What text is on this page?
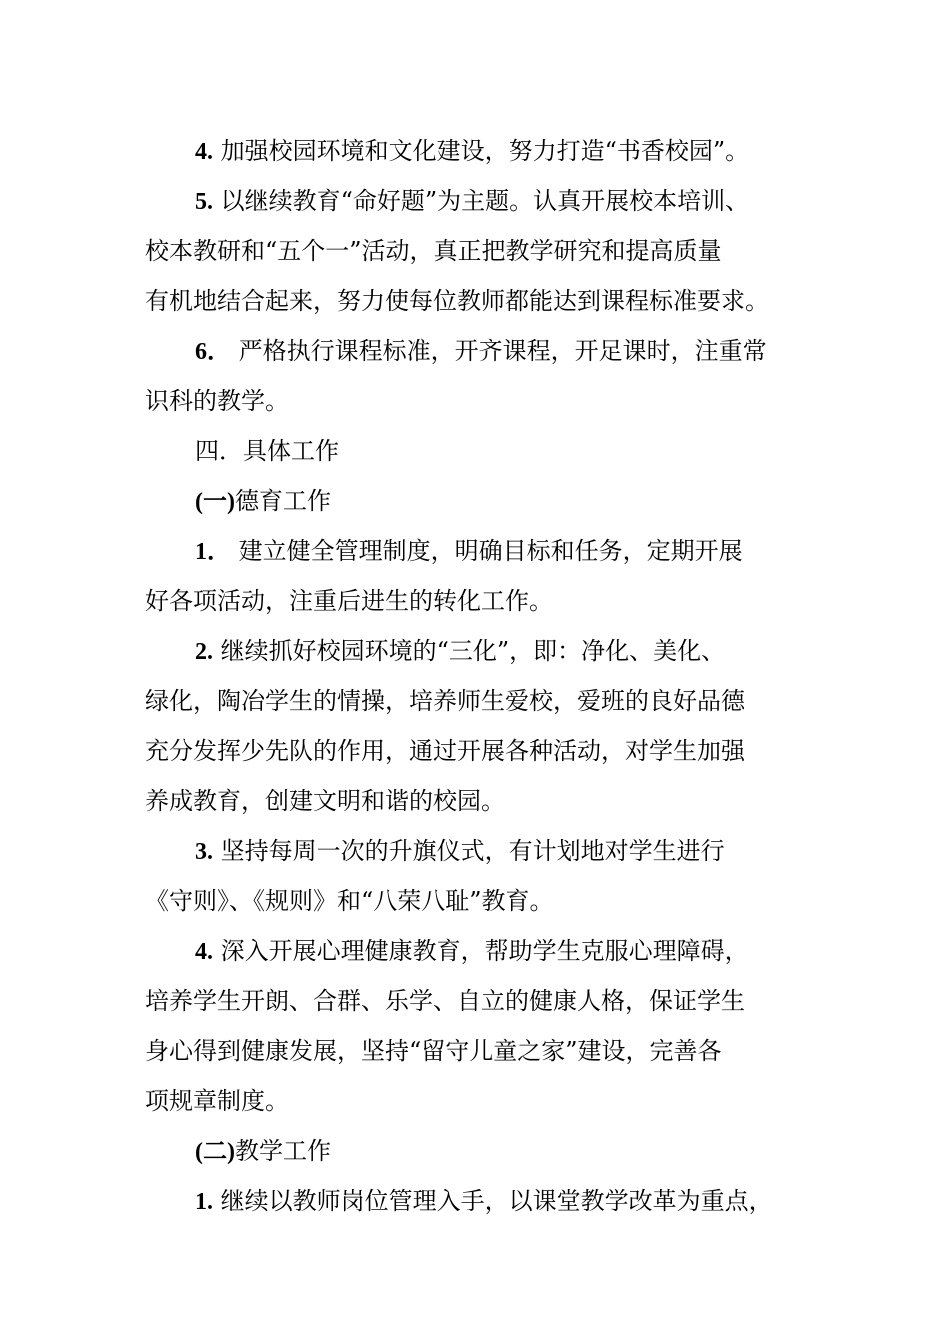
4. 加强校园环境和文化建设，努力打造“书香校园”。

5. 以继续教育“命好题”为主题。认真开展校本培训、

校本教研和“五个一”活动，真正把教学研究和提高质量

有机地结合起来，努力使每位教师都能达到课程标准要求。

6． 严格执行课程标准，开齐课程，开足课时，注重常

识科的教学。

四．具体工作

(一)德育工作

1． 建立健全管理制度，明确目标和任务，定期开展

好各项活动，注重后进生的转化工作。

2. 继续抓好校园环境的“三化”，即：净化、美化、

绿化，陶冶学生的情操，培养师生爱校，爱班的良好品德

充分发挥少先队的作用，通过开展各种活动，对学生加强

养成教育，创建文明和谐的校园。

3. 坚持每周一次的升旗仪式，有计划地对学生进行

《守则》、《规则》和“八荣八耻”教育。

4. 深入开展心理健康教育，帮助学生克服心理障碍，

培养学生开朗、合群、乐学、自立的健康人格，保证学生

身心得到健康发展，坚持“留守儿童之家”建设，完善各

项规章制度。

(二)教学工作

1. 继续以教师岗位管理入手，以课堂教学改革为重点，
